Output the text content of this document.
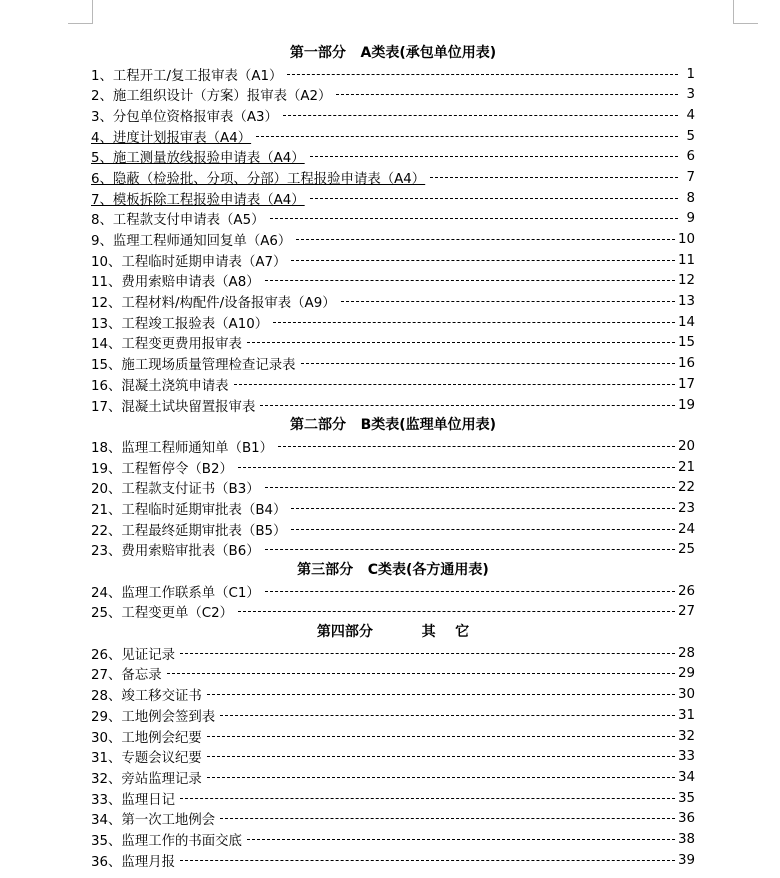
第一部分   A类表(承包单位用表)
1、工程开工/复工报审表（A1）	1
2、施工组织设计（方案）报审表（A2）	3
3、分包单位资格报审表（A3）	4
4、进度计划报审表（A4）	5
5、施工测量放线报验申请表（A4）	6
6、隐蔽（检验批、分项、分部）工程报验申请表（A4）	7
7、模板拆除工程报验申请表（A4）	8
8、工程款支付申请表（A5）	9
9、监理工程师通知回复单（A6）	10
10、工程临时延期申请表（A7）	11
11、费用索赔申请表（A8）	12
12、工程材料/构配件/设备报审表（A9）	13
13、工程竣工报验表（A10）	14
14、工程变更费用报审表	15
15、施工现场质量管理检查记录表	16
16、混凝土浇筑申请表	17
17、混凝土试块留置报审表	19
第二部分   B类表(监理单位用表)
18、监理工程师通知单（B1）	20
19、工程暂停令（B2）	21
20、工程款支付证书（B3）	22
21、工程临时延期审批表（B4）	23
22、工程最终延期审批表（B5）	24
23、费用索赔审批表（B6）	25
第三部分   C类表(各方通用表)
24、监理工作联系单（C1）	26
25、工程变更单（C2）	27
第四部分          其    它
26、见证记录	28
27、备忘录	29
28、竣工移交证书	30
29、工地例会签到表	31
30、工地例会纪要	32
31、专题会议纪要	33
32、旁站监理记录	34
33、监理日记	35
34、第一次工地例会	36
35、监理工作的书面交底	38
36、监理月报	39
